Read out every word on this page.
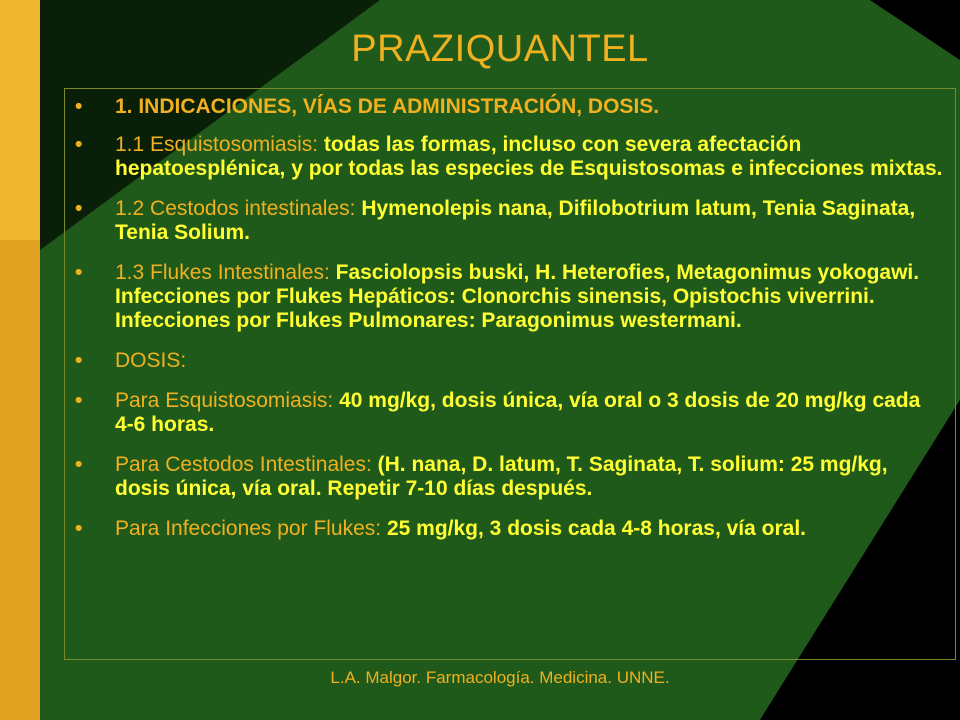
PRAZIQUANTEL
• 1. INDICACIONES, VÍAS DE ADMINISTRACIÓN, DOSIS.
• 1.1 Esquistosomiasis: todas las formas, incluso con severa afectación hepatoesplénica, y por todas las especies de Esquistosomas e infecciones mixtas.
• 1.2 Cestodos intestinales: Hymenolepis nana, Difilobotrium latum, Tenia Saginata, Tenia Solium.
• 1.3 Flukes Intestinales: Fasciolopsis buski, H. Heterofies, Metagonimus yokogawi. Infecciones por Flukes Hepáticos: Clonorchis sinensis, Opistochis viverrini. Infecciones por Flukes Pulmonares: Paragonimus westermani.
• DOSIS:
• Para Esquistosomiasis: 40 mg/kg, dosis única, vía oral o 3 dosis de 20 mg/kg cada 4-6 horas.
• Para Cestodos Intestinales: (H. nana, D. latum, T. Saginata, T. solium: 25 mg/kg, dosis única, vía oral. Repetir 7-10 días después.
• Para Infecciones por Flukes: 25 mg/kg, 3 dosis cada 4-8 horas, vía oral.
L.A. Malgor. Farmacología. Medicina. UNNE.
